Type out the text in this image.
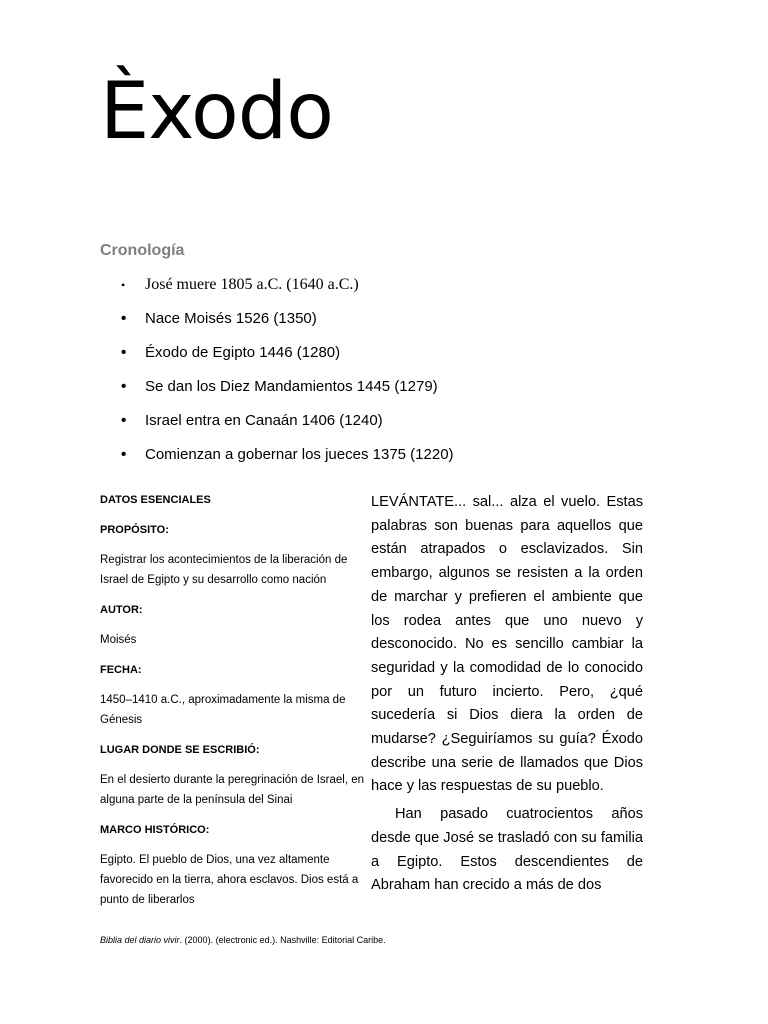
Èxodo
Cronología
• José muere 1805 a.C. (1640 a.C.)
• Nace Moisés 1526 (1350)
• Éxodo de Egipto 1446 (1280)
• Se dan los Diez Mandamientos 1445 (1279)
• Israel entra en Canaán 1406 (1240)
• Comienzan a gobernar los jueces 1375 (1220)

DATOS ESENCIALES

PROPÓSITO:

Registrar los acontecimientos de la liberación de Israel de Egipto y su desarrollo como nación

AUTOR:

Moisés

FECHA:

1450–1410 a.C., aproximadamente la misma de Génesis

LUGAR DONDE SE ESCRIBIÓ:

En el desierto durante la peregrinación de Israel, en alguna parte de la península del Sinai

MARCO HISTÓRICO:

Egipto. El pueblo de Dios, una vez altamente favorecido en la tierra, ahora esclavos. Dios está a punto de liberarlos

LEVÁNTATE... sal... alza el vuelo. Estas palabras son buenas para aquellos que están atrapados o esclavizados. Sin embargo, algunos se resisten a la orden de marchar y prefieren el ambiente que los rodea antes que uno nuevo y desconocido. No es sencillo cambiar la seguridad y la comodidad de lo conocido por un futuro incierto. Pero, ¿qué sucedería si Dios diera la orden de mudarse? ¿Seguiríamos su guía? Éxodo describe una serie de llamados que Dios hace y las respuestas de su pueblo.

Han pasado cuatrocientos años desde que José se trasladó con su familia a Egipto. Estos descendientes de Abraham han crecido a más de dos

Biblia del diario vivir. (2000). (electronic ed.). Nashville: Editorial Caribe.
